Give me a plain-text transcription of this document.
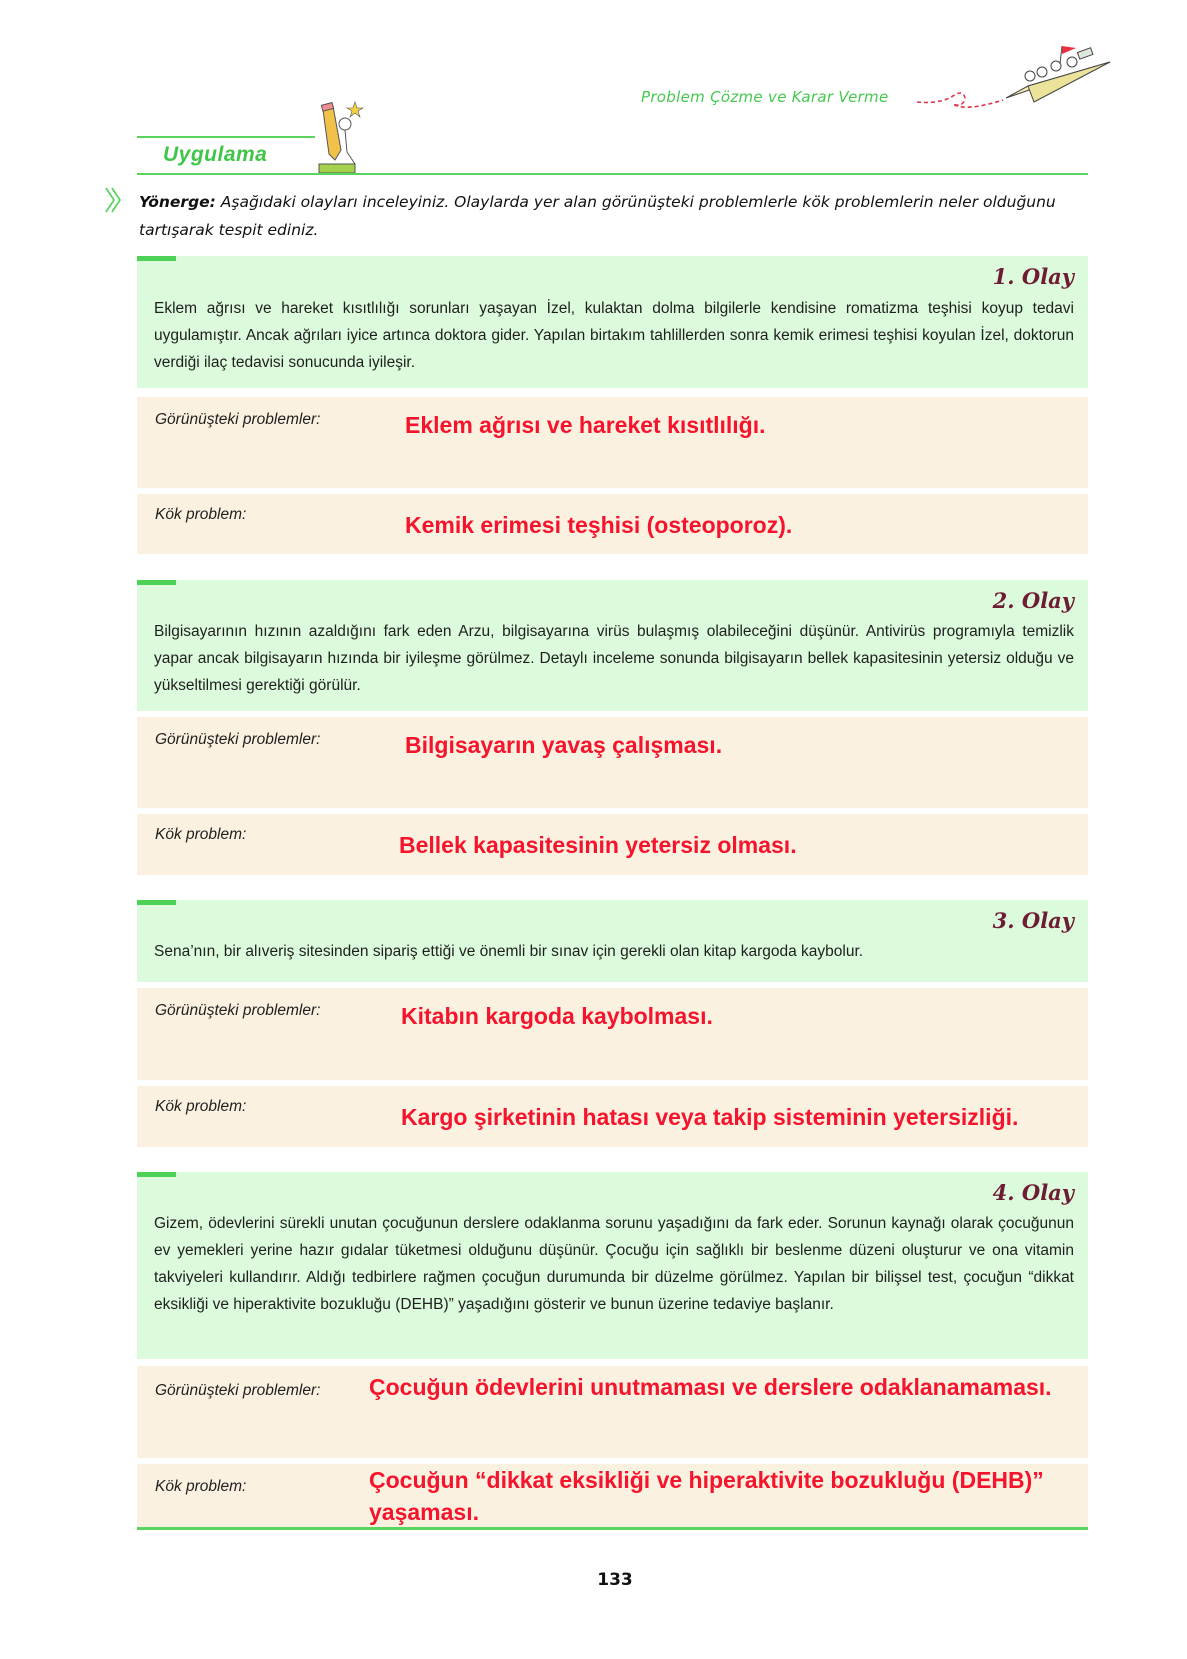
Problem Çözme ve Karar Verme
Uygulama
Yönerge: Aşağıdaki olayları inceleyiniz. Olaylarda yer alan görünüşteki problemlerle kök problemlerin neler olduğunu tartışarak tespit ediniz.
1. Olay
Eklem ağrısı ve hareket kısıtlılığı sorunları yaşayan İzel, kulaktan dolma bilgilerle kendisine romatizma teşhisi koyup tedavi uygulamıştır. Ancak ağrıları iyice artınca doktora gider. Yapılan birtakım tahlillerden sonra kemik erimesi teşhisi koyulan İzel, doktorun verdiği ilaç tedavisi sonucunda iyileşir.
Görünüşteki problemler:	Eklem ağrısı ve hareket kısıtlılığı.
Kök problem:	Kemik erimesi teşhisi (osteoporoz).
2. Olay
Bilgisayarının hızının azaldığını fark eden Arzu, bilgisayarına virüs bulaşmış olabileceğini düşünür. Antivirüs programıyla temizlik yapar ancak bilgisayarın hızında bir iyileşme görülmez. Detaylı inceleme sonunda bilgisayarın bellek kapasitesinin yetersiz olduğu ve yükseltilmesi gerektiği görülür.
Görünüşteki problemler:	Bilgisayarın yavaş çalışması.
Kök problem:	Bellek kapasitesinin yetersiz olması.
3. Olay
Sena’nın, bir alıveriş sitesinden sipariş ettiği ve önemli bir sınav için gerekli olan kitap kargoda kaybolur.
Görünüşteki problemler:	Kitabın kargoda kaybolması.
Kök problem:	Kargo şirketinin hatası veya takip sisteminin yetersizliği.
4. Olay
Gizem, ödevlerini sürekli unutan çocuğunun derslere odaklanma sorunu yaşadığını da fark eder. Sorunun kaynağı olarak çocuğunun ev yemekleri yerine hazır gıdalar tüketmesi olduğunu düşünür. Çocuğu için sağlıklı bir beslenme düzeni oluşturur ve ona vitamin takviyeleri kullandırır. Aldığı tedbirlere rağmen çocuğun durumunda bir düzelme görülmez. Yapılan bir bilişsel test, çocuğun “dikkat eksikliği ve hiperaktivite bozukluğu (DEHB)” yaşadığını gösterir ve bunun üzerine tedaviye başlanır.
Görünüşteki problemler: Çocuğun ödevlerini unutmaması ve derslere odaklanamaması.
Kök problem:	Çocuğun “dikkat eksikliği ve hiperaktivite bozukluğu (DEHB)”
yaşaması.
133
